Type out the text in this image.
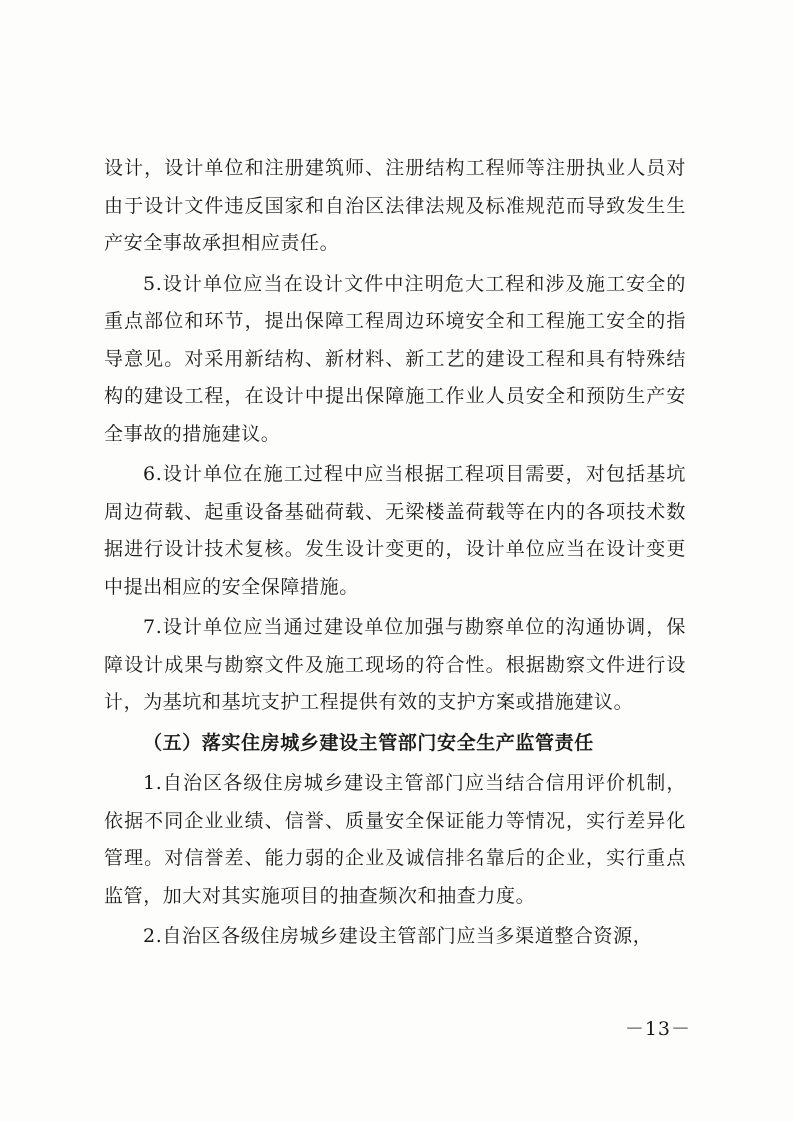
设计，设计单位和注册建筑师、注册结构工程师等注册执业人员对由于设计文件违反国家和自治区法律法规及标准规范而导致发生生产安全事故承担相应责任。

5.设计单位应当在设计文件中注明危大工程和涉及施工安全的重点部位和环节，提出保障工程周边环境安全和工程施工安全的指导意见。对采用新结构、新材料、新工艺的建设工程和具有特殊结构的建设工程，在设计中提出保障施工作业人员安全和预防生产安全事故的措施建议。

6.设计单位在施工过程中应当根据工程项目需要，对包括基坑周边荷载、起重设备基础荷载、无梁楼盖荷载等在内的各项技术数据进行设计技术复核。发生设计变更的，设计单位应当在设计变更中提出相应的安全保障措施。

7.设计单位应当通过建设单位加强与勘察单位的沟通协调，保障设计成果与勘察文件及施工现场的符合性。根据勘察文件进行设计，为基坑和基坑支护工程提供有效的支护方案或措施建议。

（五）落实住房城乡建设主管部门安全生产监管责任

1.自治区各级住房城乡建设主管部门应当结合信用评价机制，依据不同企业业绩、信誉、质量安全保证能力等情况，实行差异化管理。对信誉差、能力弱的企业及诚信排名靠后的企业，实行重点监管，加大对其实施项目的抽查频次和抽查力度。

2.自治区各级住房城乡建设主管部门应当多渠道整合资源，

－13－
